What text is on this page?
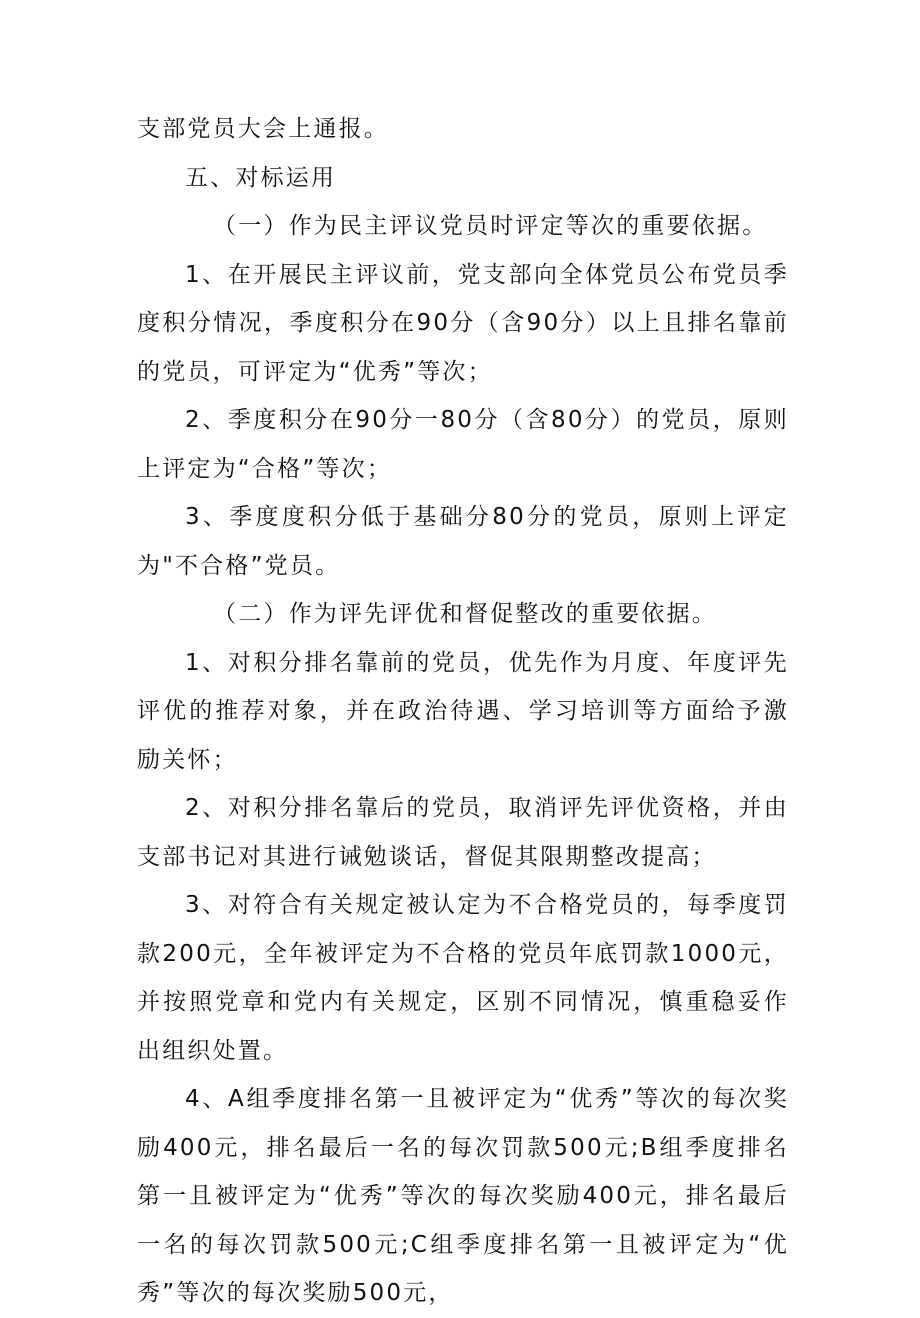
支部党员大会上通报。

五、对标运用

（一）作为民主评议党员时评定等次的重要依据。

1、在开展民主评议前，党支部向全体党员公布党员季度积分情况，季度积分在90分（含90分）以上且排名靠前的党员，可评定为“优秀”等次；

2、季度积分在90分一80分（含80分）的党员，原则上评定为“合格”等次；

3、季度度积分低于基础分80分的党员，原则上评定为"不合格”党员。

（二）作为评先评优和督促整改的重要依据。

1、对积分排名靠前的党员，优先作为月度、年度评先评优的推荐对象，并在政治待遇、学习培训等方面给予激励关怀；

2、对积分排名靠后的党员，取消评先评优资格，并由支部书记对其进行诫勉谈话，督促其限期整改提高；

3、对符合有关规定被认定为不合格党员的，每季度罚款200元，全年被评定为不合格的党员年底罚款1000元，并按照党章和党内有关规定，区别不同情况，慎重稳妥作出组织处置。

4、A组季度排名第一且被评定为“优秀”等次的每次奖励400元，排名最后一名的每次罚款500元;B组季度排名第一且被评定为“优秀”等次的每次奖励400元，排名最后一名的每次罚款500元;C组季度排名第一且被评定为“优秀”等次的每次奖励500元，
